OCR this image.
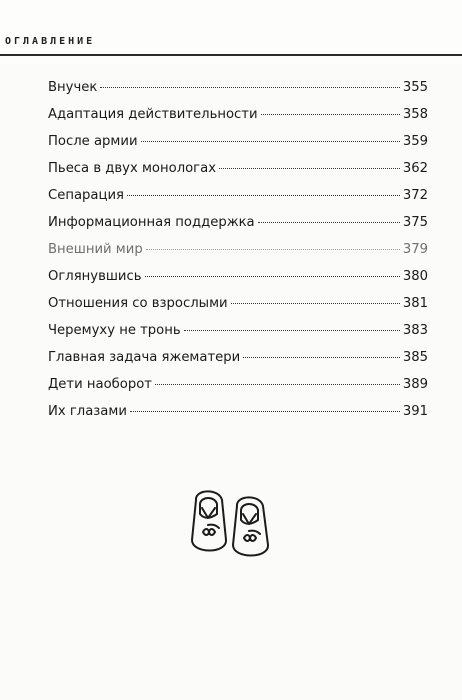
ОГЛАВЛЕНИЕ
Внучек	355
Адаптация действительности	358
После армии	359
Пьеса в двух монологах	362
Сепарация	372
Информационная поддержка	375
Внешний мир	379
Оглянувшись	380
Отношения со взрослыми	381
Черемуху не тронь	383
Главная задача яжематери	385
Дети наоборот	389
Их глазами	391
